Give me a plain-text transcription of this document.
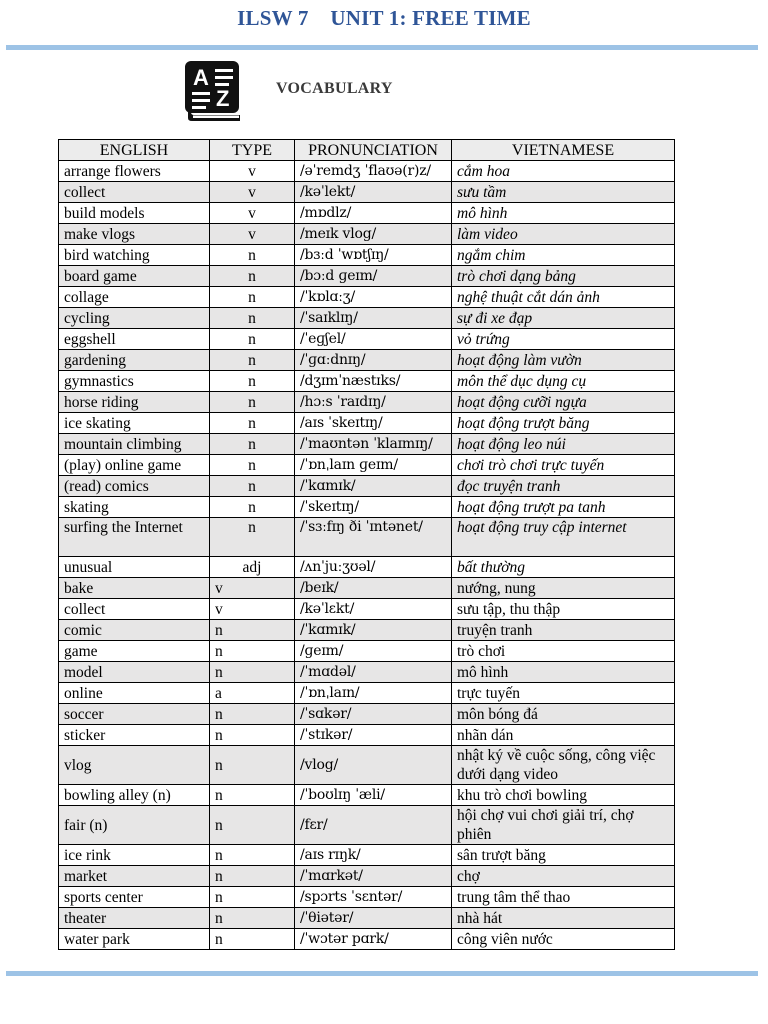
ILSW 7    UNIT 1: FREE TIME
A
Z	VOCABULARY
ENGLISH	TYPE	PRONUNCIATION	VIETNAMESE
arrange flowers	v	/əˈremdʒ ˈflaʊə(r)z/	cắm hoa
collect	v	/kəˈlekt/	sưu tầm
build models	v	/mɒdlz/	mô hình
make vlogs	v	/meɪk vlog/	làm video
bird watching	n	/bɜːd ˈwɒtʃɪŋ/	ngắm chim
board game	n	/bɔːd ɡeɪm/	trò chơi dạng bảng
collage	n	/ˈkɒlɑːʒ/	nghệ thuật cắt dán ảnh
cycling	n	/ˈsaɪklɪŋ/	sự đi xe đạp
eggshell	n	/ˈeɡʃel/	vỏ trứng
gardening	n	/ˈɡɑːdnɪŋ/	hoạt động làm vườn
gymnastics	n	/dʒɪmˈnæstɪks/	môn thể dục dụng cụ
horse riding	n	/hɔːs ˈraɪdɪŋ/	hoạt động cưỡi ngựa
ice skating	n	/aɪs ˈskeɪtɪŋ/	hoạt động trượt băng
mountain climbing	n	/ˈmaʊntən ˈklaɪmɪŋ/	hoạt động leo núi
(play) online game	n	/ˈɒnˌlaɪn ɡeɪm/	chơi trò chơi trực tuyến
(read) comics	n	/ˈkɑmɪk/	đọc truyện tranh
skating	n	/ˈskeɪtɪŋ/	hoạt động trượt pa tanh
surfing the Internet	n	/ˈsɜːfɪŋ ði ˈɪntənet/	hoạt động truy cập internet
unusual	adj	/ʌnˈjuːʒʊəl/	bất thường
bake	v	/beɪk/	nướng, nung
collect	v	/kəˈlɛkt/	sưu tập, thu thập
comic	n	/ˈkɑmɪk/	truyện tranh
game	n	/ɡeɪm/	trò chơi
model	n	/ˈmɑdəl/	mô hình
online	a	/ˈɒnˌlaɪn/	trực tuyến
soccer	n	/ˈsɑkər/	môn bóng đá
sticker	n	/ˈstɪkər/	nhãn dán
vlog	n	/vlog/	nhật ký về cuộc sống, công việc dưới dạng video
bowling alley (n)	n	/ˈboʊlɪŋ ˈæli/	khu trò chơi bowling
fair (n)	n	/fɛr/	hội chợ vui chơi giải trí, chợ phiên
ice rink	n	/aɪs rɪŋk/	sân trượt băng
market	n	/ˈmɑrkət/	chợ
sports center	n	/spɔrts ˈsɛntər/	trung tâm thể thao
theater	n	/ˈθiətər/	nhà hát
water park	n	/ˈwɔtər pɑrk/	công viên nước
